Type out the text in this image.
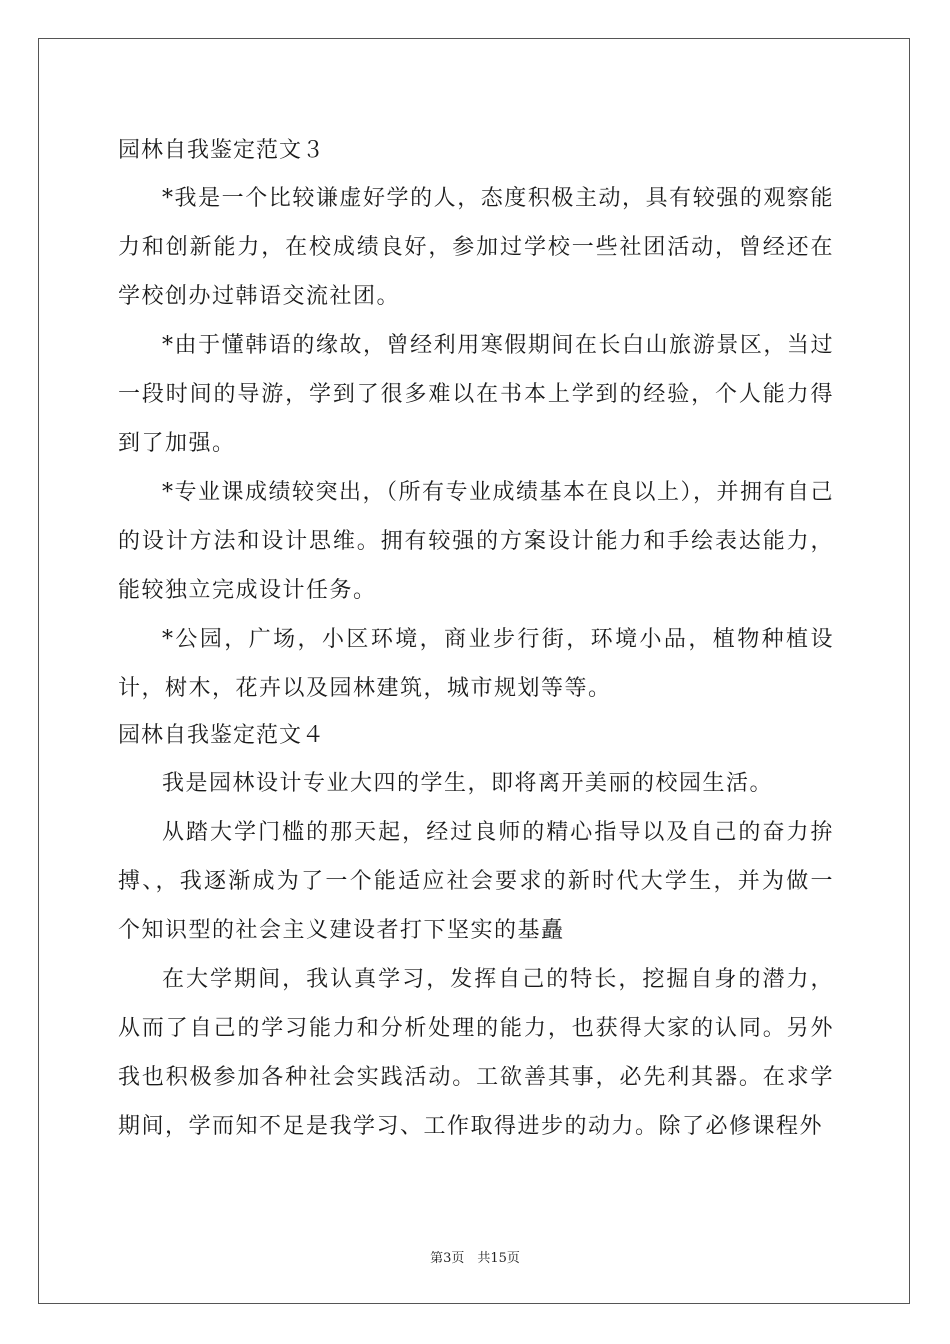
园林自我鉴定范文３

*我是一个比较谦虚好学的人，态度积极主动，具有较强的观察能力和创新能力，在校成绩良好，参加过学校一些社团活动，曾经还在学校创办过韩语交流社团。

*由于懂韩语的缘故，曾经利用寒假期间在长白山旅游景区，当过一段时间的导游，学到了很多难以在书本上学到的经验，个人能力得到了加强。

*专业课成绩较突出，（所有专业成绩基本在良以上），并拥有自己的设计方法和设计思维。拥有较强的方案设计能力和手绘表达能力，能较独立完成设计任务。

*公园，广场，小区环境，商业步行街，环境小品，植物种植设计，树木，花卉以及园林建筑，城市规划等等。

园林自我鉴定范文４

我是园林设计专业大四的学生，即将离开美丽的校园生活。

从踏大学门槛的那天起，经过良师的精心指导以及自己的奋力拚搏、，我逐渐成为了一个能适应社会要求的新时代大学生，并为做一个知识型的社会主义建设者打下坚实的基矗

在大学期间，我认真学习，发挥自己的特长，挖掘自身的潜力，从而了自己的学习能力和分析处理的能力，也获得大家的认同。另外我也积极参加各种社会实践活动。工欲善其事，必先利其器。在求学期间，学而知不足是我学习、工作取得进步的动力。除了必修课程外

第3页　共15页
